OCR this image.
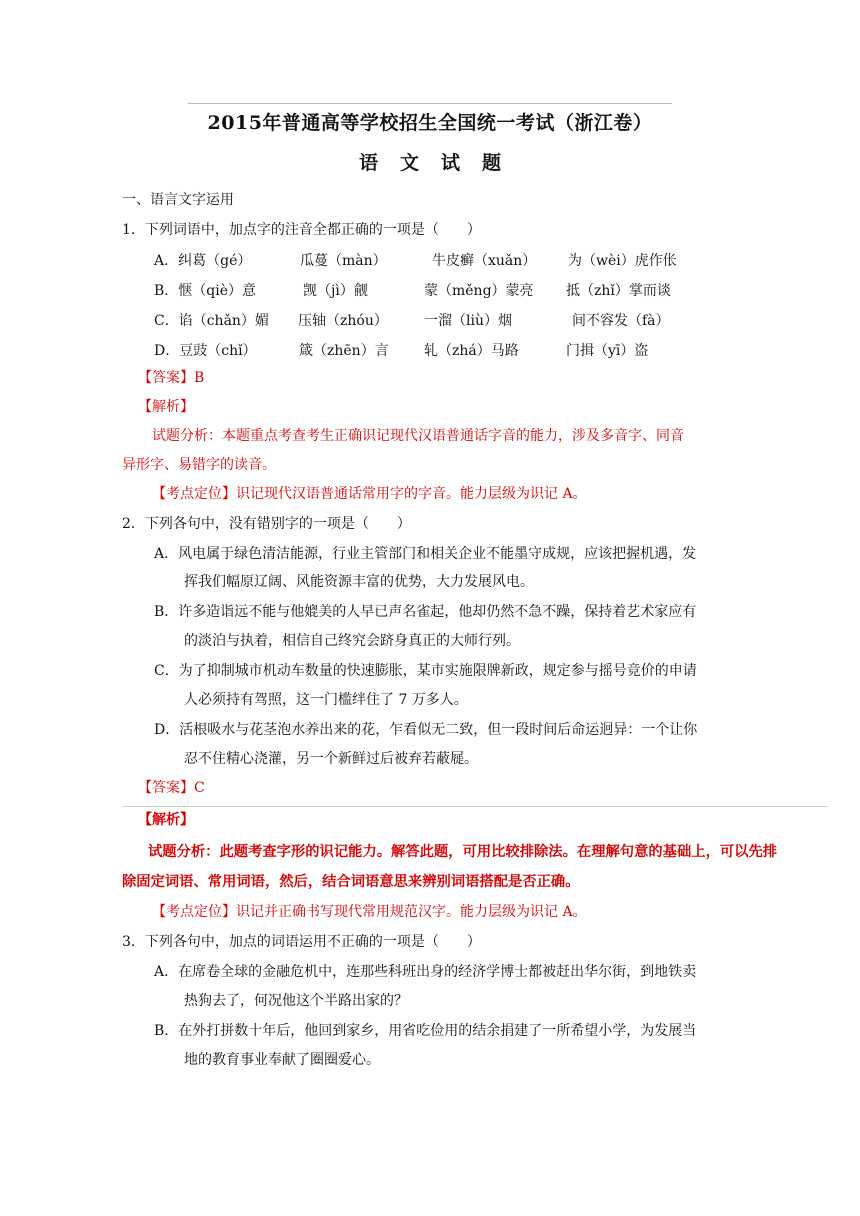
2015年普通高等学校招生全国统一考试（浙江卷）
语文试题
一、语言文字运用
1．下列词语中，加点字的注音全都正确的一项是（　　）
A．纠葛（gé）	瓜蔓（màn）	牛皮癣（xuǎn） 为（wèi）虎作伥
B．惬（qiè）意	觊（jì）觎	蒙（měng）蒙亮 抵（zhǐ）掌而谈
C．谄（chǎn）媚 压轴（zhóu）	一溜（liù）烟	间不容发（fà）
D．豆豉（chǐ）	箴（zhēn）言	轧（zhá）马路	门揖（yī）盗
【答案】B
【解析】
试题分析：本题重点考查考生正确识记现代汉语普通话字音的能力，涉及多音字、同音
异形字、易错字的读音。
【考点定位】识记现代汉语普通话常用字的字音。能力层级为识记 A。
2．下列各句中，没有错别字的一项是（　　）
A．风电属于绿色清洁能源，行业主管部门和相关企业不能墨守成规，应该把握机遇，发
挥我们幅原辽阔、风能资源丰富的优势，大力发展风电。
B．许多造诣远不能与他媲美的人早已声名雀起，他却仍然不急不躁，保持着艺术家应有
的淡泊与执着，相信自己终究会跻身真正的大师行列。
C．为了抑制城市机动车数量的快速膨胀，某市实施限牌新政，规定参与摇号竞价的申请
人必须持有驾照，这一门槛绊住了 7 万多人。
D．活根吸水与花茎泡水养出来的花，乍看似无二致，但一段时间后命运迥异：一个让你
忍不住精心浇灌，另一个新鲜过后被弃若蔽屣。
【答案】C
【解析】
试题分析：此题考查字形的识记能力。解答此题，可用比较排除法。在理解句意的基础上，可以先排
除固定词语、常用词语，然后，结合词语意思来辨别词语搭配是否正确。
【考点定位】识记并正确书写现代常用规范汉字。能力层级为识记 A。
3．下列各句中，加点的词语运用不正确的一项是（　　）
A．在席卷全球的金融危机中，连那些科班出身的经济学博士都被赶出华尔街，到地铁卖
热狗去了，何况他这个半路出家的？
B．在外打拼数十年后，他回到家乡，用省吃俭用的结余捐建了一所希望小学，为发展当
地的教育事业奉献了圈圈爱心。
